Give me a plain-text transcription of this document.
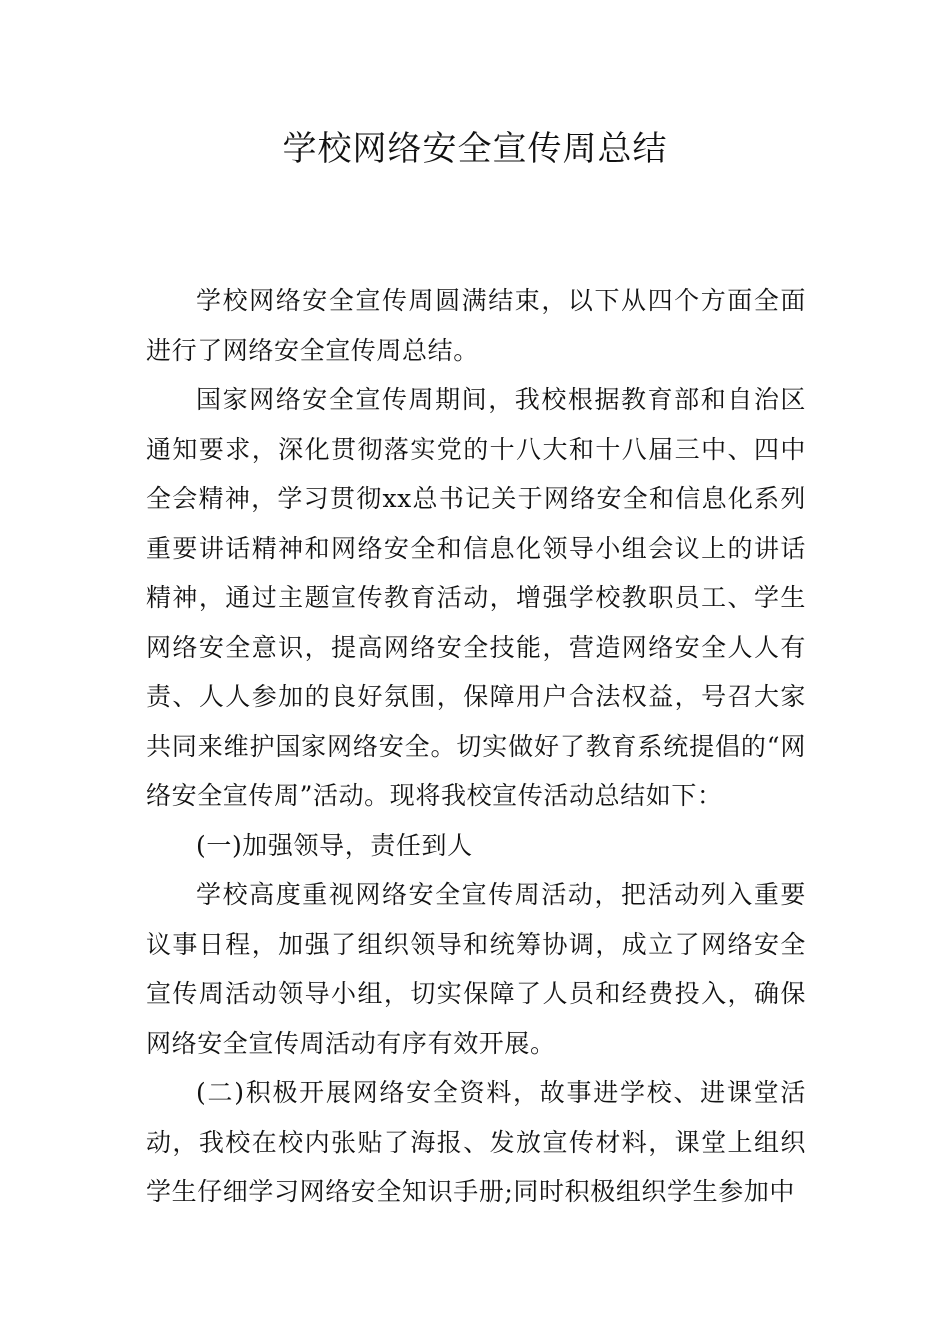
学校网络安全宣传周总结

学校网络安全宣传周圆满结束，以下从四个方面全面进行了网络安全宣传周总结。

国家网络安全宣传周期间，我校根据教育部和自治区通知要求，深化贯彻落实党的十八大和十八届三中、四中全会精神，学习贯彻xx总书记关于网络安全和信息化系列重要讲话精神和网络安全和信息化领导小组会议上的讲话精神，通过主题宣传教育活动，增强学校教职员工、学生网络安全意识，提高网络安全技能，营造网络安全人人有责、人人参加的良好氛围，保障用户合法权益，号召大家共同来维护国家网络安全。切实做好了教育系统提倡的“网络安全宣传周”活动。现将我校宣传活动总结如下：

(一)加强领导，责任到人

学校高度重视网络安全宣传周活动，把活动列入重要议事日程，加强了组织领导和统筹协调，成立了网络安全宣传周活动领导小组，切实保障了人员和经费投入，确保网络安全宣传周活动有序有效开展。

(二)积极开展网络安全资料，故事进学校、进课堂活动，我校在校内张贴了海报、发放宣传材料，课堂上组织学生仔细学习网络安全知识手册;同时积极组织学生参加中
